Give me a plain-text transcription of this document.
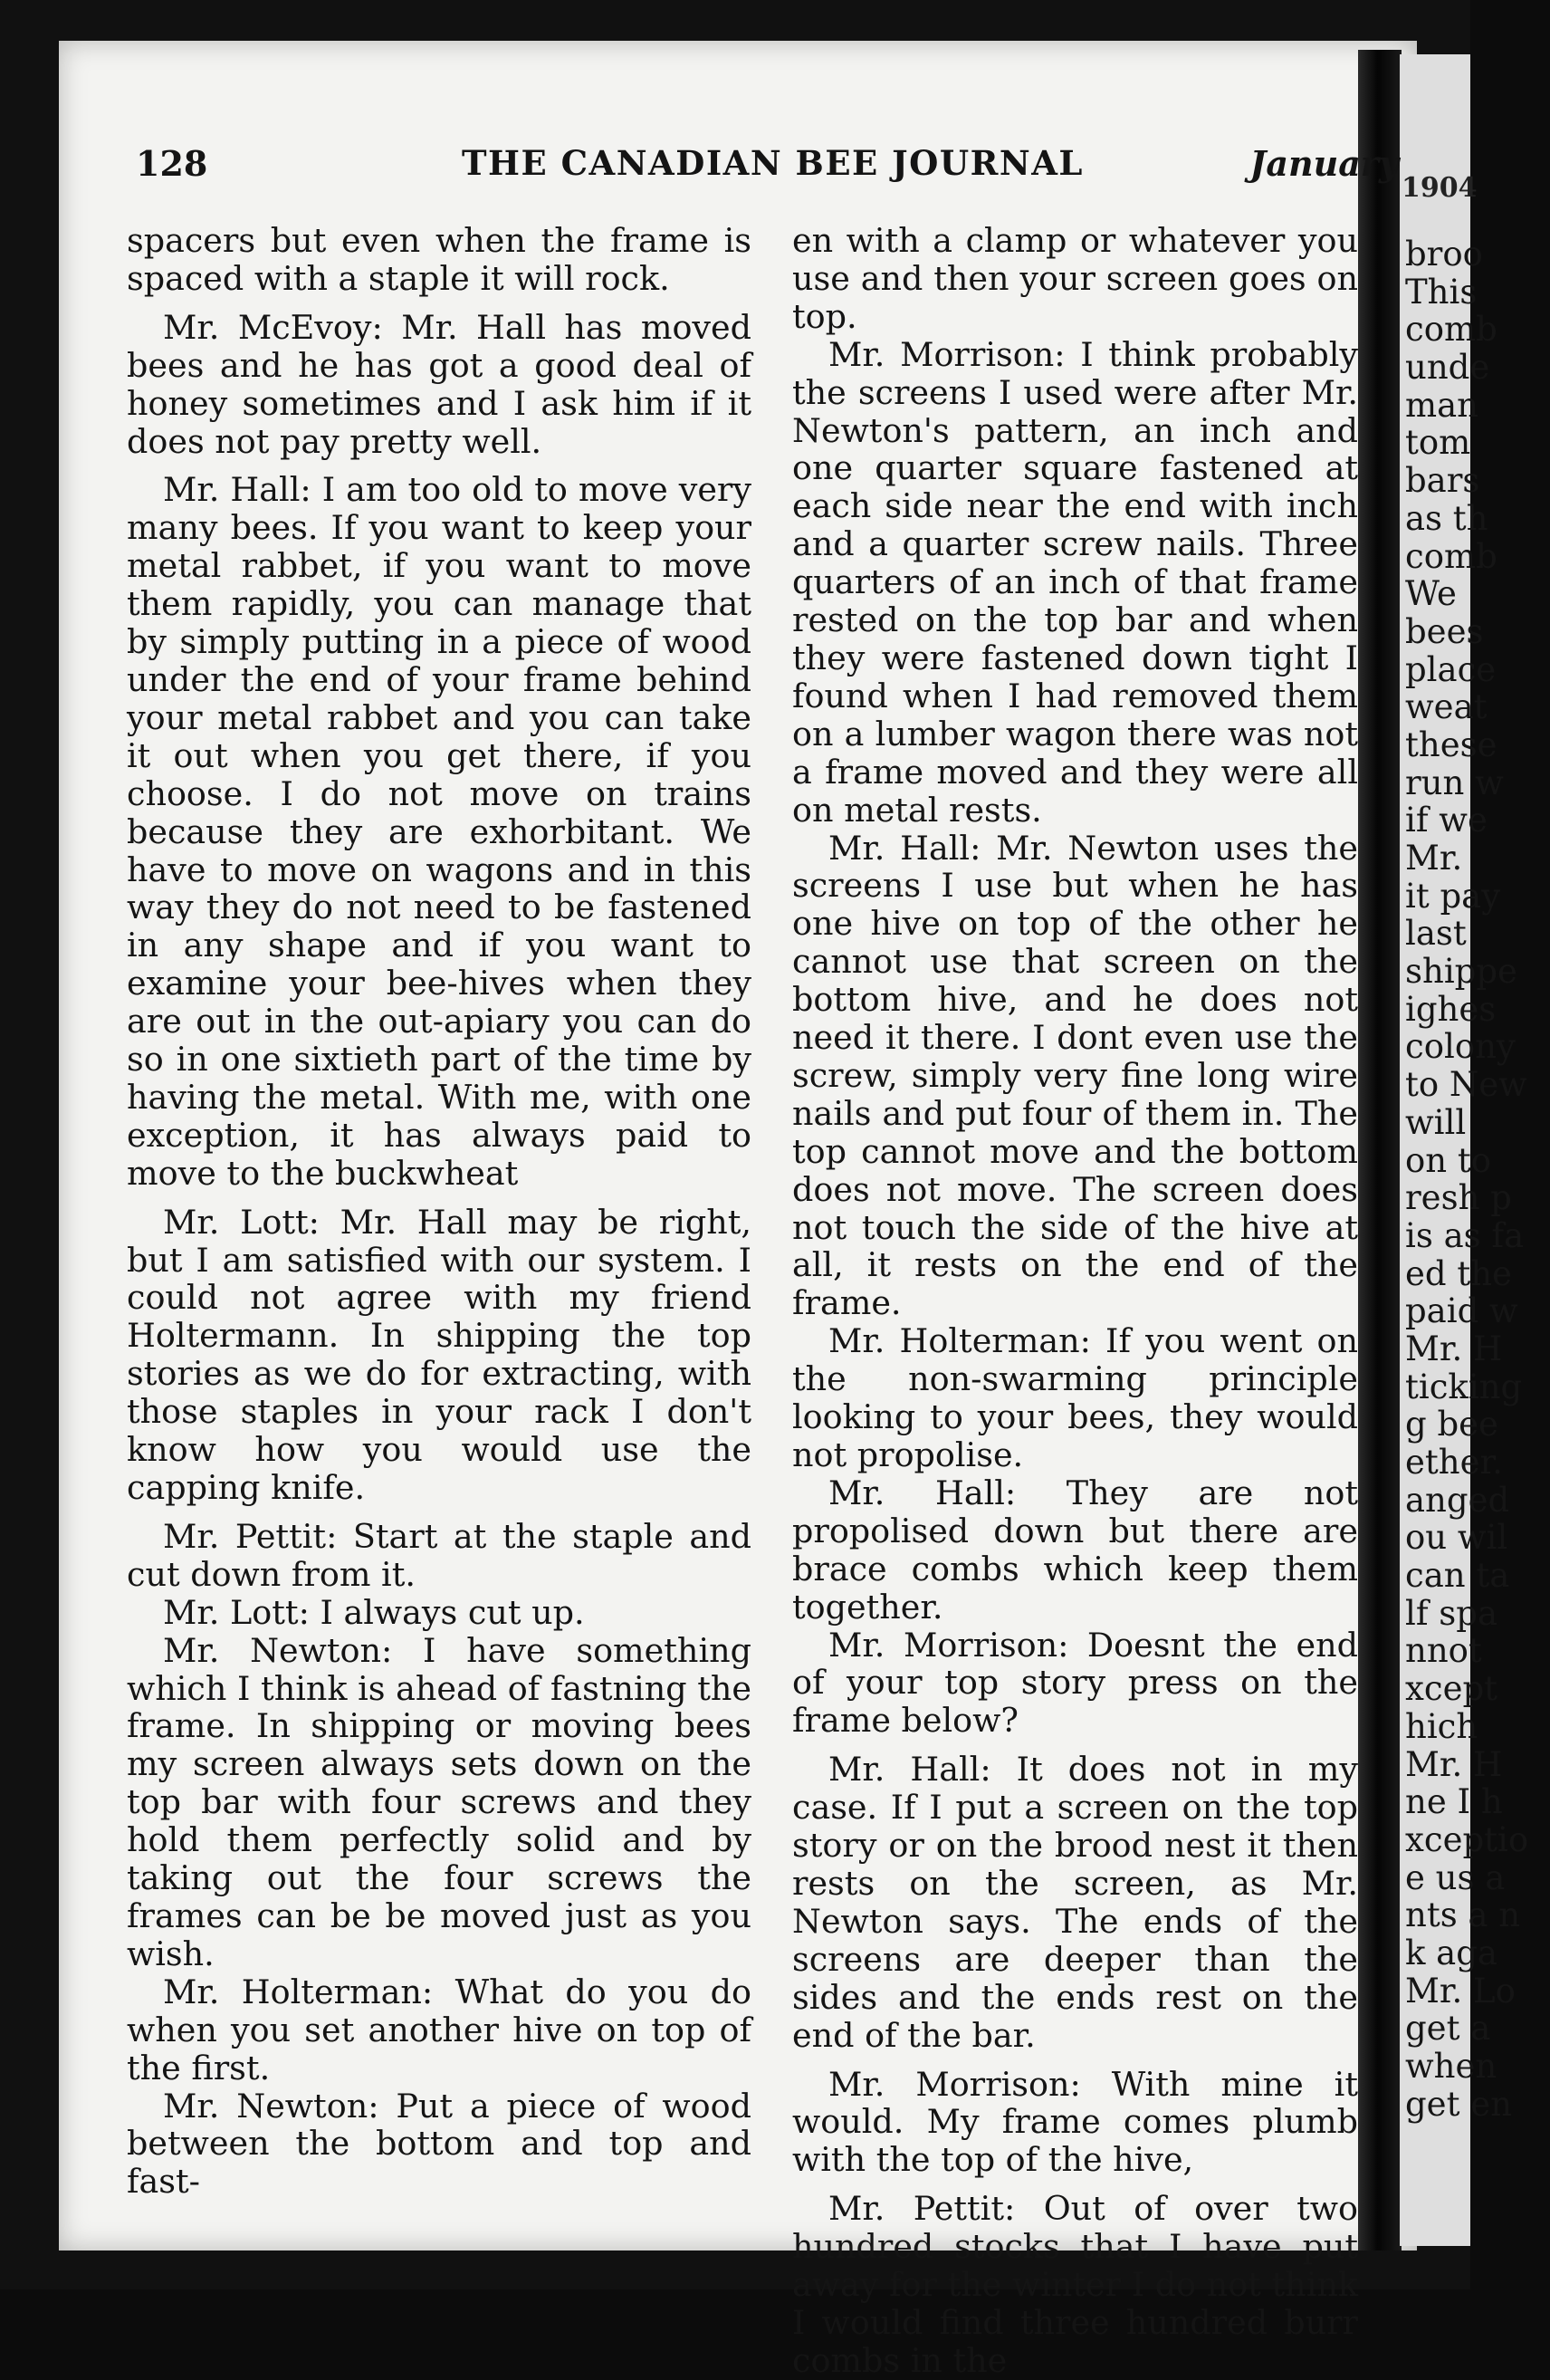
1904
broo
This
comb
unde
man
tom
bars
as th
comb
We
bees
place
weat
these
run w
if we
Mr.
it pay
last
shippe
ighes
colony
to New
will
on to
resh p
is as fa
ed the
paid w
Mr. H
ticking
g bee
ether.
anged
ou wil
can ta
lf spa
nnot
xcept
hich
Mr. H
ne I h
xceptio
e us a
nts a n
k aga
Mr. Lo
get a
when
get en
128	THE CANADIAN BEE JOURNAL	January

spacers but even when the frame is spaced with a staple it will rock.

Mr. McEvoy: Mr. Hall has moved bees and he has got a good deal of honey sometimes and I ask him if it does not pay pretty well.

Mr. Hall: I am too old to move very many bees. If you want to keep your metal rabbet, if you want to move them rapidly, you can manage that by simply putting in a piece of wood under the end of your frame behind your metal rabbet and you can take it out when you get there, if you choose. I do not move on trains because they are exhorbitant. We have to move on wagons and in this way they do not need to be fastened in any shape and if you want to examine your bee-hives when they are out in the out-apiary you can do so in one sixtieth part of the time by having the metal. With me, with one exception, it has always paid to move to the buckwheat

Mr. Lott: Mr. Hall may be right, but I am satisfied with our system. I could not agree with my friend Holtermann. In shipping the top stories as we do for extracting, with those staples in your rack I don't know how you would use the capping knife.

Mr. Pettit: Start at the staple and cut down from it.

Mr. Lott: I always cut up.

Mr. Newton: I have something which I think is ahead of fastning the frame. In shipping or moving bees my screen always sets down on the top bar with four screws and they hold them perfectly solid and by taking out the four screws the frames can be be moved just as you wish.

Mr. Holterman: What do you do when you set another hive on top of the first.

Mr. Newton: Put a piece of wood between the bottom and top and fast-

en with a clamp or whatever you use and then your screen goes on top.

Mr. Morrison: I think probably the screens I used were after Mr. Newton's pattern, an inch and one quarter square fastened at each side near the end with inch and a quarter screw nails. Three quarters of an inch of that frame rested on the top bar and when they were fastened down tight I found when I had removed them on a lumber wagon there was not a frame moved and they were all on metal rests.

Mr. Hall: Mr. Newton uses the screens I use but when he has one hive on top of the other he cannot use that screen on the bottom hive, and he does not need it there. I dont even use the screw, simply very fine long wire nails and put four of them in. The top cannot move and the bottom does not move. The screen does not touch the side of the hive at all, it rests on the end of the frame.

Mr. Holterman: If you went on the non-swarming principle looking to your bees, they would not propolise.

Mr. Hall: They are not propolised down but there are brace combs which keep them together.

Mr. Morrison: Doesnt the end of your top story press on the frame below?

Mr. Hall: It does not in my case. If I put a screen on the top story or on the brood nest it then rests on the screen, as Mr. Newton says. The ends of the screens are deeper than the sides and the ends rest on the end of the bar.

Mr. Morrison: With mine it would. My frame comes plumb with the top of the hive,

Mr. Pettit: Out of over two hundred stocks that I have put away for the winter I do not think I would find three hundred burr combs in the
